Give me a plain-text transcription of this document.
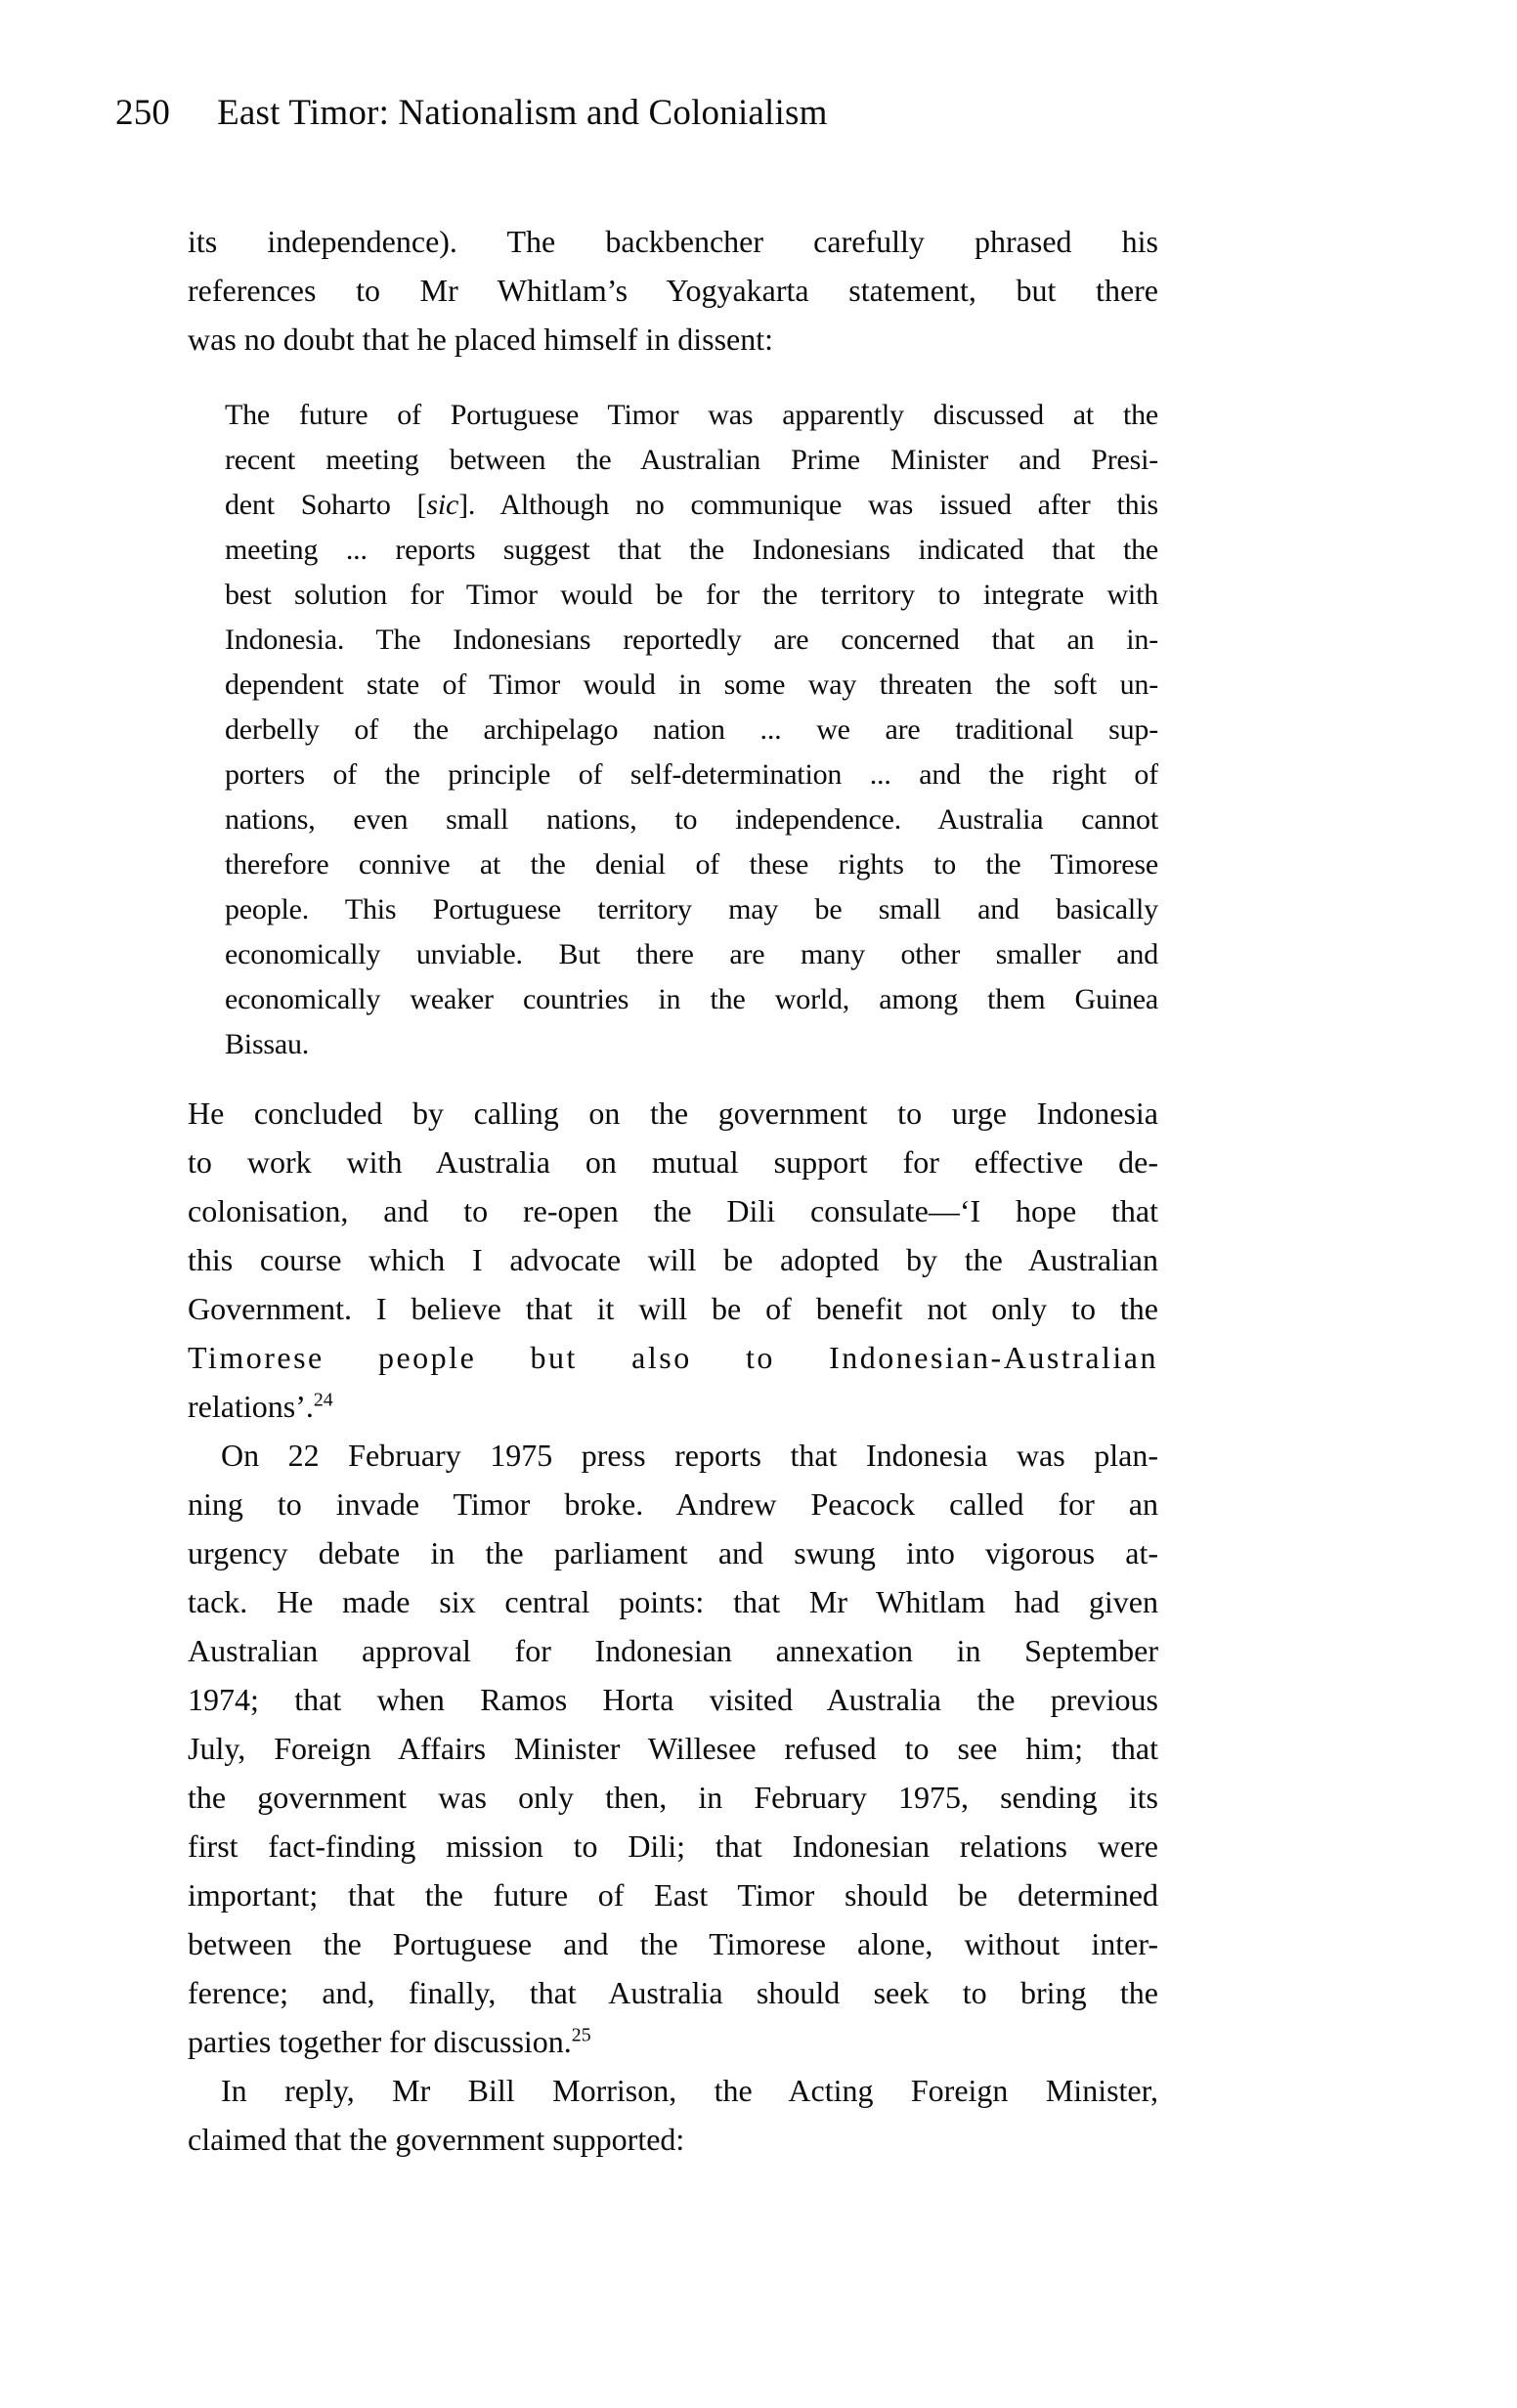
250 East Timor: Nationalism and Colonialism
its independence). The backbencher carefully phrased his
references to Mr Whitlam’s Yogyakarta statement, but there
was no doubt that he placed himself in dissent:
The future of Portuguese Timor was apparently discussed at the
recent meeting between the Australian Prime Minister and Presi-
dent Soharto [sic]. Although no communique was issued after this
meeting ... reports suggest that the Indonesians indicated that the
best solution for Timor would be for the territory to integrate with
Indonesia. The Indonesians reportedly are concerned that an in-
dependent state of Timor would in some way threaten the soft un-
derbelly of the archipelago nation ... we are traditional sup-
porters of the principle of self-determination ... and the right of
nations, even small nations, to independence. Australia cannot
therefore connive at the denial of these rights to the Timorese
people. This Portuguese territory may be small and basically
economically unviable. But there are many other smaller and
economically weaker countries in the world, among them Guinea
Bissau.
He concluded by calling on the government to urge Indonesia
to work with Australia on mutual support for effective de-
colonisation, and to re-open the Dili consulate—‘I hope that
this course which I advocate will be adopted by the Australian
Government. I believe that it will be of benefit not only to the
Timorese people but also to Indonesian-Australian
relations’.$^{24}$
On 22 February 1975 press reports that Indonesia was plan-
ning to invade Timor broke. Andrew Peacock called for an
urgency debate in the parliament and swung into vigorous at-
tack. He made six central points: that Mr Whitlam had given
Australian approval for Indonesian annexation in September
1974; that when Ramos Horta visited Australia the previous
July, Foreign Affairs Minister Willesee refused to see him; that
the government was only then, in February 1975, sending its
first fact-finding mission to Dili; that Indonesian relations were
important; that the future of East Timor should be determined
between the Portuguese and the Timorese alone, without inter-
ference; and, finally, that Australia should seek to bring the
parties together for discussion.$^{25}$
In reply, Mr Bill Morrison, the Acting Foreign Minister,
claimed that the government supported:
